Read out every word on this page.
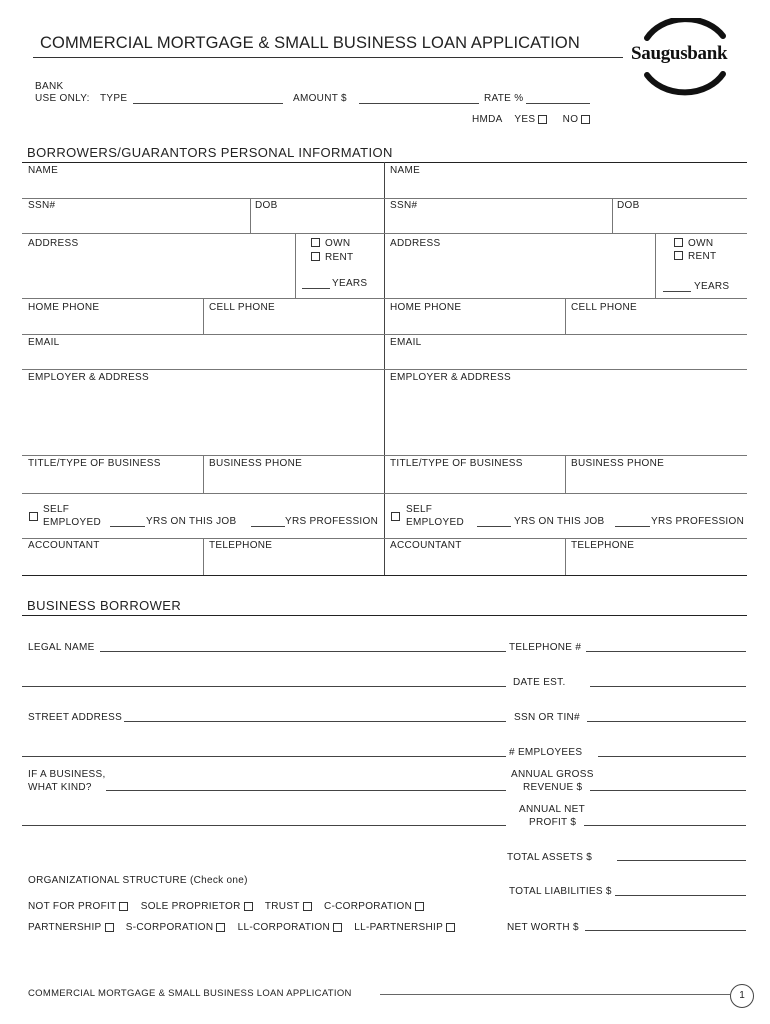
COMMERCIAL MORTGAGE & SMALL BUSINESS LOAN APPLICATION	Saugusbank
BANK
USE ONLY: TYPE	AMOUNT $	RATE %
HMDA YES	NO
BORROWERS/GUARANTORS PERSONAL INFORMATION
NAME
SSN#	DOB
ADDRESS	OWN
RENT
YEARS
HOME PHONE	CELL PHONE
EMAIL
EMPLOYER & ADDRESS
TITLE/TYPE OF BUSINESS	BUSINESS PHONE
SELF
EMPLOYED	YRS ON THIS JOB	YRS PROFESSION
ACCOUNTANT	TELEPHONE
NAME
SSN#	DOB
ADDRESS	OWN
RENT
YEARS
HOME PHONE	CELL PHONE
EMAIL
EMPLOYER & ADDRESS
TITLE/TYPE OF BUSINESS	BUSINESS PHONE
SELF
EMPLOYED	YRS ON THIS JOB	YRS PROFESSION
ACCOUNTANT	TELEPHONE
BUSINESS BORROWER
LEGAL NAME	TELEPHONE #
DATE EST.
STREET ADDRESS	SSN OR TIN#
# EMPLOYEES
IF A BUSINESS,
WHAT KIND?
ANNUAL GROSS
REVENUE $
ANNUAL NET
PROFIT $
TOTAL ASSETS $
ORGANIZATIONAL STRUCTURE (Check one)
TOTAL LIABILITIES $
NOT FOR PROFIT SOLE PROPRIETOR TRUST C-CORPORATION
PARTNERSHIP S-CORPORATION LL-CORPORATION LL-PARTNERSHIP	NET WORTH $
COMMERCIAL MORTGAGE & SMALL BUSINESS LOAN APPLICATION	1
